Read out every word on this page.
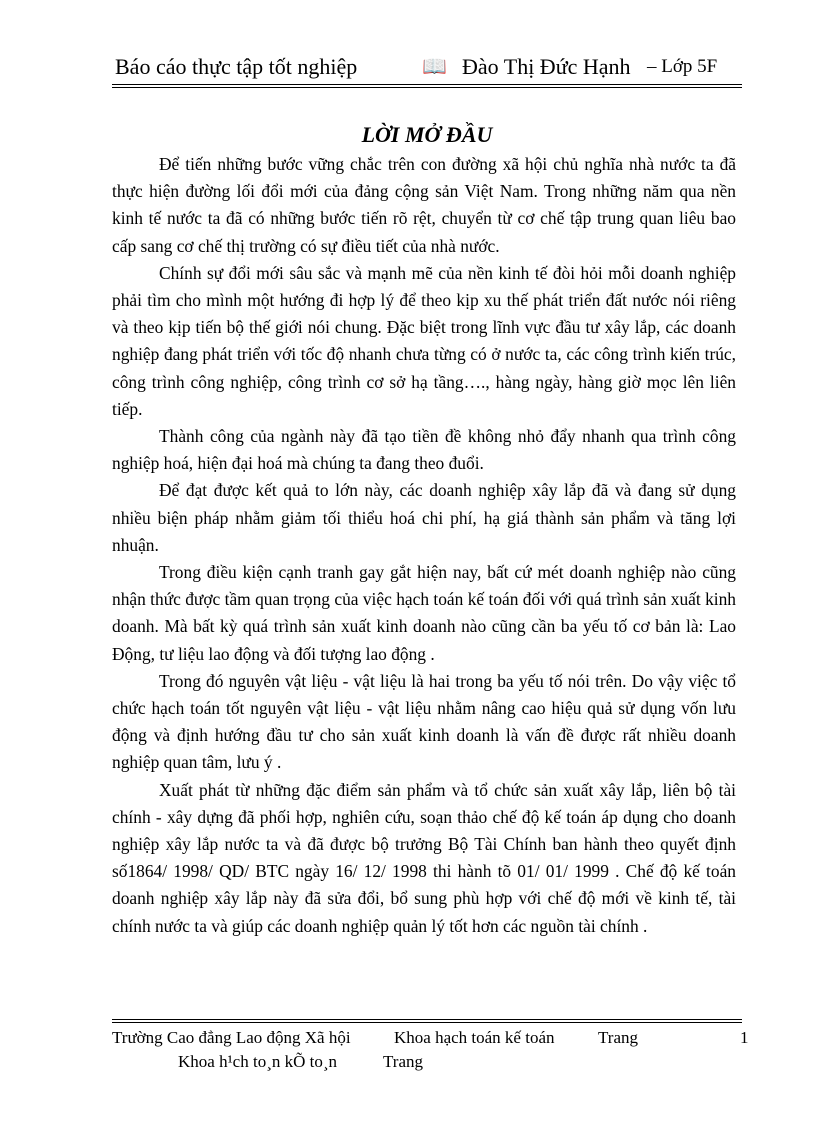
Báo cáo thực tập tốt nghiệp	📖 Đào Thị Đức Hạnh – Lớp 5F
LỜI MỞ ĐẦU

Để tiến những bước vững chắc trên con đường xã hội chủ nghĩa nhà nước ta đã thực hiện đường lối đổi mới của đảng cộng sản Việt Nam. Trong những năm qua nền kinh tế nước ta đã có những bước tiến rõ rệt, chuyển từ cơ chế tập trung quan liêu bao cấp sang cơ chế thị trường có sự điều tiết của nhà nước.

Chính sự đổi mới sâu sắc và mạnh mẽ của nền kinh tế đòi hỏi mỗi doanh nghiệp phải tìm cho mình một hướng đi hợp lý để theo kịp xu thế phát triển đất nước nói riêng và theo kịp tiến bộ thế giới nói chung. Đặc biệt trong lĩnh vực đầu tư xây lắp, các doanh nghiệp đang phát triển với tốc độ nhanh chưa từng có ở nước ta, các công trình kiến trúc, công trình công nghiệp, công trình cơ sở hạ tầng…., hàng ngày, hàng giờ mọc lên liên tiếp.

Thành công của ngành này đã tạo tiền đề không nhỏ đẩy nhanh qua trình công nghiệp hoá, hiện đại hoá mà chúng ta đang theo đuổi.

Để đạt được kết quả to lớn này, các doanh nghiệp xây lắp đã và đang sử dụng nhiều biện pháp nhằm giảm tối thiểu hoá chi phí, hạ giá thành sản phẩm và tăng lợi nhuận.

Trong điều kiện cạnh tranh gay gắt hiện nay, bất cứ mét doanh nghiệp nào cũng nhận thức được tầm quan trọng của việc hạch toán kế toán đối với quá trình sản xuất kinh doanh. Mà bất kỳ quá trình sản xuất kinh doanh nào cũng cần ba yếu tố cơ bản là: Lao Động, tư liệu lao động và đối tượng lao động .

Trong đó nguyên vật liệu - vật liệu là hai trong ba yếu tố nói trên. Do vậy việc tổ chức hạch toán tốt nguyên vật liệu - vật liệu nhằm nâng cao hiệu quả sử dụng vốn lưu động và định hướng đầu tư cho sản xuất kinh doanh là vấn đề được rất nhiều doanh nghiệp quan tâm, lưu ý .

Xuất phát từ những đặc điểm sản phẩm và tổ chức sản xuất xây lắp, liên bộ tài chính - xây dựng đã phối hợp, nghiên cứu, soạn thảo chế độ kế toán áp dụng cho doanh nghiệp xây lắp nước ta và đã được bộ trưởng Bộ Tài Chính ban hành theo quyết định số1864/ 1998/ QD/ BTC ngày 16/ 12/ 1998 thi hành tõ 01/ 01/ 1999 . Chế độ kế toán doanh nghiệp xây lắp này đã sửa đổi, bổ sung phù hợp với chế độ mới về kinh tế, tài chính nước ta và giúp các doanh nghiệp quản lý tốt hơn các nguồn tài chính .

Trường Cao đẳng Lao động Xã hội	Khoa hạch toán kế toán	Trang	1
Khoa h¹ch to¸n kÕ to¸n	Trang
